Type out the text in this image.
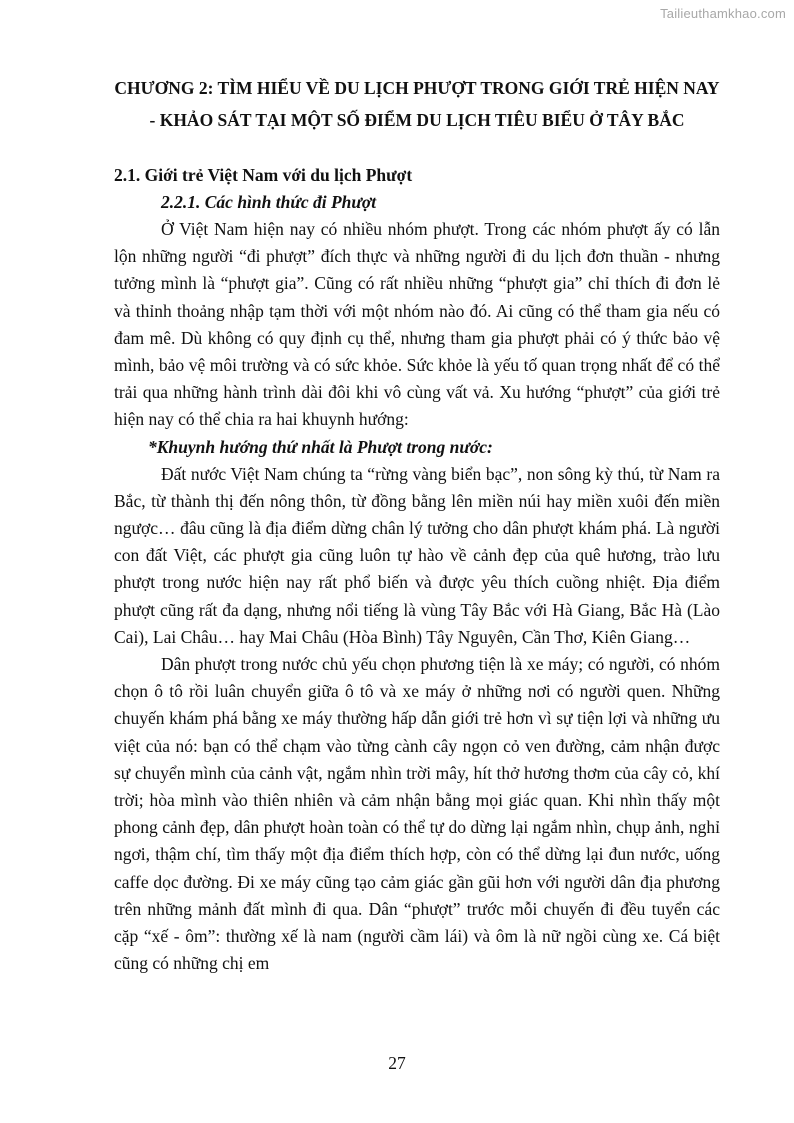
Tailieuthamkhao.com
CHƯƠNG 2: TÌM HIỂU VỀ DU LỊCH PHƯỢT TRONG GIỚI TRẺ HIỆN NAY - KHẢO SÁT TẠI MỘT SỐ ĐIỂM DU LỊCH TIÊU BIỂU Ở TÂY BẮC
2.1. Giới trẻ Việt Nam với du lịch Phượt
2.2.1. Các hình thức đi Phượt

Ở Việt Nam hiện nay có nhiều nhóm phượt. Trong các nhóm phượt ấy có lẫn lộn những người “đi phượt” đích thực và những người đi du lịch đơn thuần - nhưng tưởng mình là “phượt gia”. Cũng có rất nhiều những “phượt gia” chỉ thích đi đơn lẻ và thỉnh thoảng nhập tạm thời với một nhóm nào đó. Ai cũng có thể tham gia nếu có đam mê. Dù không có quy định cụ thể, nhưng tham gia phượt phải có ý thức bảo vệ mình, bảo vệ môi trường và có sức khỏe. Sức khỏe là yếu tố quan trọng nhất để có thể trải qua những hành trình dài đôi khi vô cùng vất vả. Xu hướng “phượt” của giới trẻ hiện nay có thể chia ra hai khuynh hướng:

*Khuynh hướng thứ nhất là Phượt trong nước:

Đất nước Việt Nam chúng ta “rừng vàng biển bạc”, non sông kỳ thú, từ Nam ra Bắc, từ thành thị đến nông thôn, từ đồng bằng lên miền núi hay miền xuôi đến miền ngược… đâu cũng là địa điểm dừng chân lý tưởng cho dân phượt khám phá. Là người con đất Việt, các phượt gia cũng luôn tự hào về cảnh đẹp của quê hương, trào lưu phượt trong nước hiện nay rất phổ biến và được yêu thích cuồng nhiệt. Địa điểm phượt cũng rất đa dạng, nhưng nổi tiếng là vùng Tây Bắc với Hà Giang, Bắc Hà (Lào Cai), Lai Châu… hay Mai Châu (Hòa Bình) Tây Nguyên, Cần Thơ, Kiên Giang…

Dân phượt trong nước chủ yếu chọn phương tiện là xe máy; có người, có nhóm chọn ô tô rồi luân chuyển giữa ô tô và xe máy ở những nơi có người quen. Những chuyến khám phá bằng xe máy thường hấp dẫn giới trẻ hơn vì sự tiện lợi và những ưu việt của nó: bạn có thể chạm vào từng cành cây ngọn cỏ ven đường, cảm nhận được sự chuyển mình của cảnh vật, ngắm nhìn trời mây, hít thở hương thơm của cây cỏ, khí trời; hòa mình vào thiên nhiên và cảm nhận bằng mọi giác quan. Khi nhìn thấy một phong cảnh đẹp, dân phượt hoàn toàn có thể tự do dừng lại ngắm nhìn, chụp ảnh, nghỉ ngơi, thậm chí, tìm thấy một địa điểm thích hợp, còn có thể dừng lại đun nước, uống caffe dọc đường. Đi xe máy cũng tạo cảm giác gần gũi hơn với người dân địa phương trên những mảnh đất mình đi qua. Dân “phượt” trước mỗi chuyến đi đều tuyển các cặp “xế - ôm”: thường xế là nam (người cầm lái) và ôm là nữ ngồi cùng xe. Cá biệt cũng có những chị em

27
